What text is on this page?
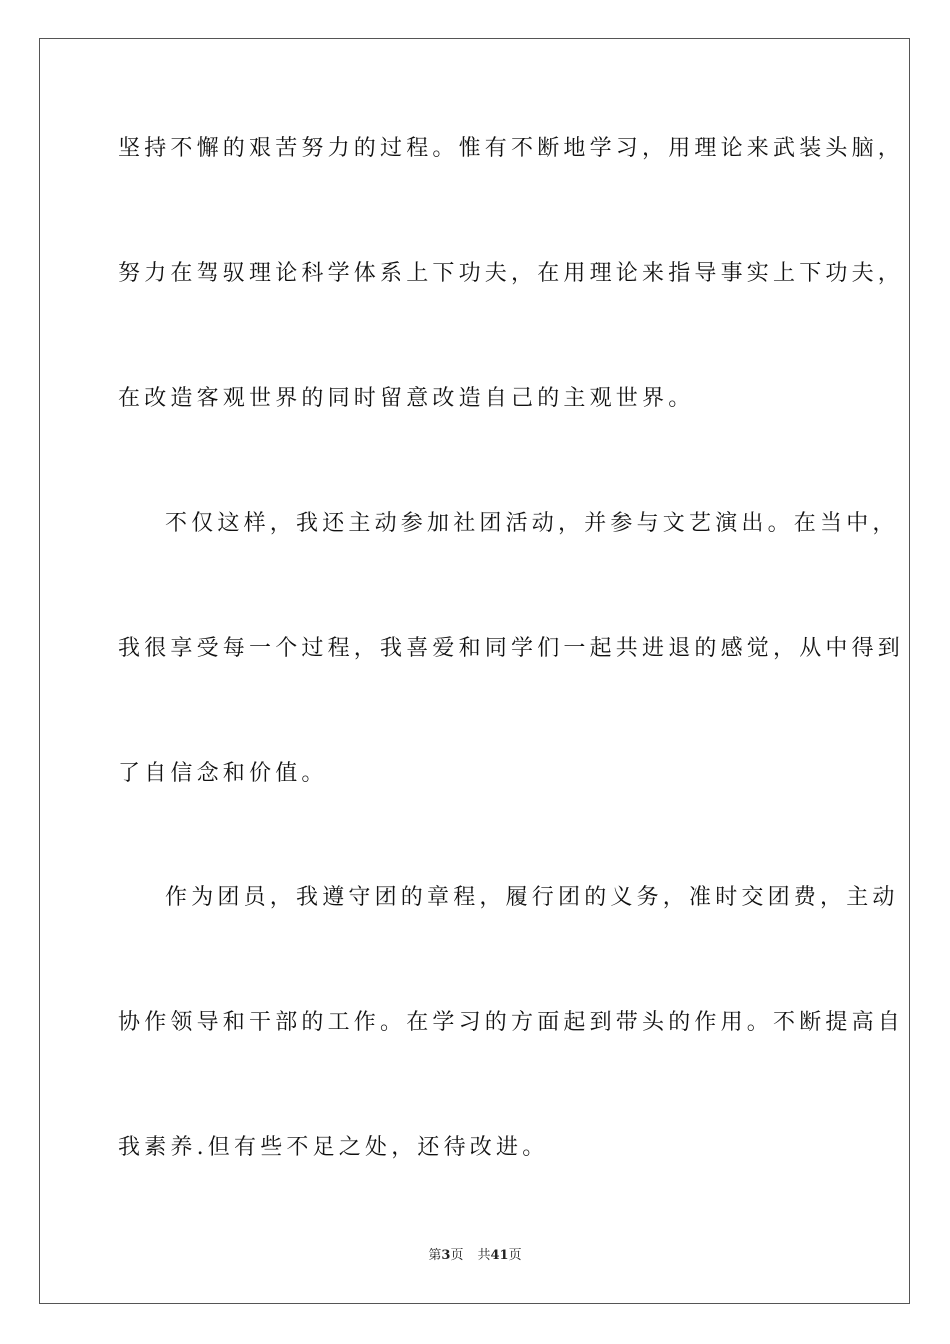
坚持不懈的艰苦努力的过程。惟有不断地学习，用理论来武装头脑，
努力在驾驭理论科学体系上下功夫，在用理论来指导事实上下功夫，
在改造客观世界的同时留意改造自己的主观世界。
不仅这样，我还主动参加社团活动，并参与文艺演出。在当中，
我很享受每一个过程，我喜爱和同学们一起共进退的感觉，从中得到
了自信念和价值。
作为团员，我遵守团的章程，履行团的义务，准时交团费，主动
协作领导和干部的工作。在学习的方面起到带头的作用。不断提高自
我素养.但有些不足之处，还待改进。
第3页 共41页
